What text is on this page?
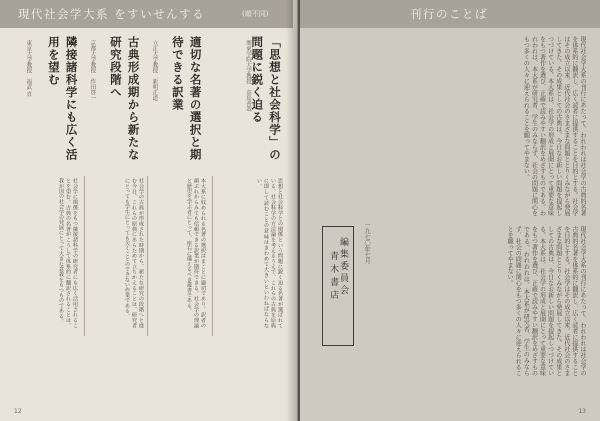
現代社会学大系 をすいせんする	(順不同)
「思想と社会科学」の問題に鋭く迫る
関東学院大学教授　高島善哉
思想と社会科学との関係という問題に鋭く迫る名著が選ばれている。社会科学の方法論を考えるうえで、これらの古典を原典に即して読むことの意味はきわめて大きいといわねばならない。
適切な名著の選択と期待できる訳業
立正大学教授　新明正道
本大系に収められる名著の選択はまことに適切であり、訳者の顔ぶれからみても信頼できる訳業が期待できる。社会学の理論と歴史を学ぶ者にとって、座右に備えるべき叢書である。
古典形成期から新たな研究段階へ
京都大学教授　作田啓一
社会学の古典が形成された時期から、新たな研究の段階へと進む今日、これらの原典にあらためて立ちかえることは、研究者にとっても学生にとっても欠くことのできない作業である。
隣接諸科学にも広く活用を望む
東京大学教授　福武 直
社会学に関係をもつ隣接諸科学の研究者にも広く活用されることを望む。古典の名著がこうして体系的に翻訳されることは、我が国の社会学の発展にとって大きな意義をもつものである。
12
刊行のことば
現代社会学大系の刊行にあたって、われわれは社会学の古典的名著を体系的に翻訳し、広く読者に提供することを目的とする。社会学はその成立以来、近代社会のさまざまな問題ととりくみながら発展してきた。その成果としての古典は、今日なお新しい問題を提起しつづけている。本大系は、社会学の形成と展開にとって重要な意味をもつ著作を選び、正確で読みやすい翻訳をめざすものである。われわれは、本大系が研究者、学生のみならず、社会の問題に関心をもつ多くの人々に迎えられることを願ってやまない。
現代社会学大系の刊行にあたって、われわれは社会学の古典的名著を体系的に翻訳し、広く読者に提供することを目的とする。社会学はその成立以来、近代社会のさまざまな問題ととりくみながら発展してきた。その成果としての古典は、今日なお新しい問題を提起しつづけている。本大系は、社会学の形成と展開にとって重要な意味をもつ著作を選び、正確で読みやすい翻訳をめざすものである。われわれは、本大系が研究者、学生のみならず、社会の問題に関心をもつ多くの人々に迎えられることを願ってやまない。
一九七〇年七月
編集委員会
青木書店
13
